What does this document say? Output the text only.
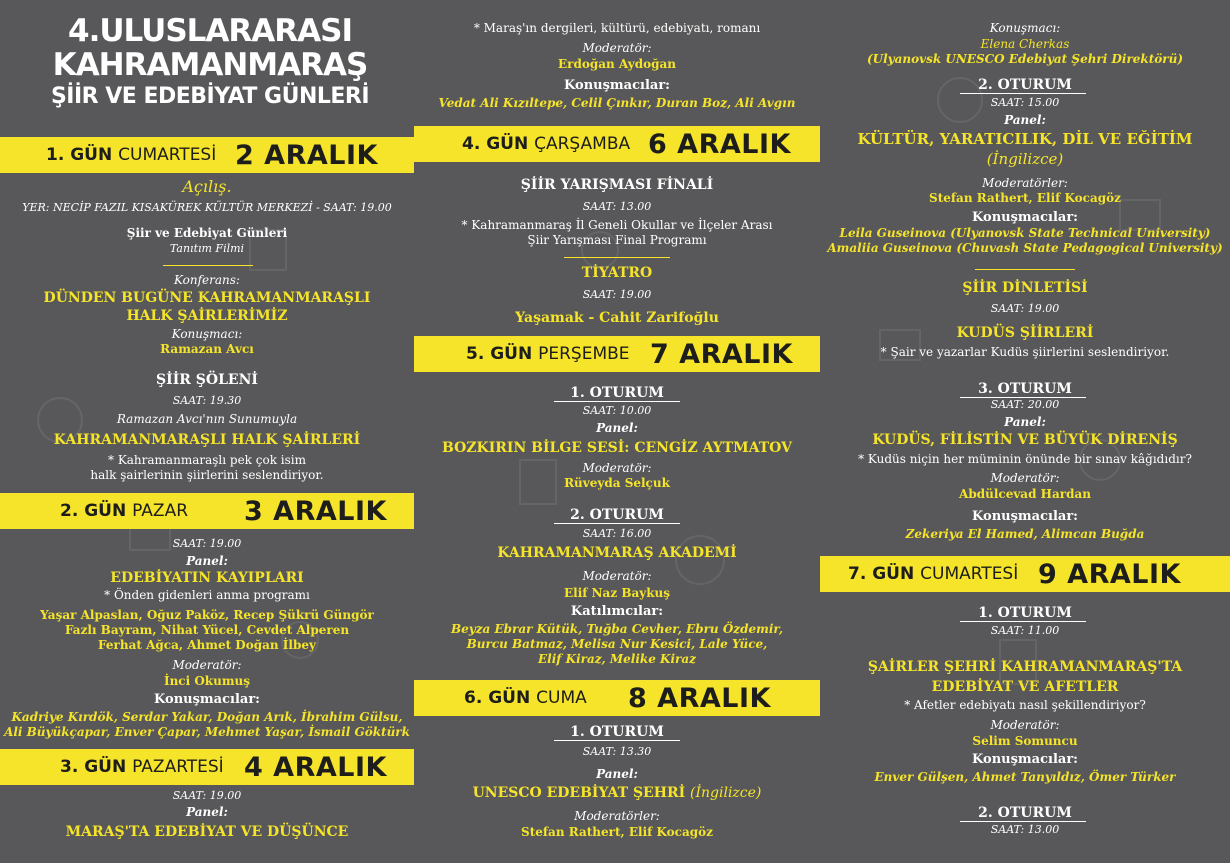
4.ULUSLARARASI
KAHRAMANMARAŞ
ŞİİR VE EDEBİYAT GÜNLERİ
1. GÜN CUMARTESİ 2 ARALIK
Açılış.
YER: NECİP FAZIL KISAKÜREK KÜLTÜR MERKEZİ - SAAT: 19.00
Şiir ve Edebiyat Günleri
Tanıtım Filmi
Konferans:
DÜNDEN BUGÜNE KAHRAMANMARAŞLI
HALK ŞAİRLERİMİZ
Konuşmacı:
Ramazan Avcı
ŞİİR ŞÖLENİ
SAAT: 19.30
Ramazan Avcı'nın Sunumuyla
KAHRAMANMARAŞLI HALK ŞAİRLERİ
* Kahramanmaraşlı pek çok isim
halk şairlerinin şiirlerini seslendiriyor.
2. GÜN PAZAR 3 ARALIK
SAAT: 19.00
Panel:
EDEBİYATIN KAYIPLARI
* Önden gidenleri anma programı
Yaşar Alpaslan, Oğuz Paköz, Recep Şükrü Güngör
Fazlı Bayram, Nihat Yücel, Cevdet Alperen
Ferhat Ağca, Ahmet Doğan İlbey
Moderatör:
İnci Okumuş
Konuşmacılar:
Kadriye Kırdök, Serdar Yakar, Doğan Arık, İbrahim Gülsu,
Ali Büyükçapar, Enver Çapar, Mehmet Yaşar, İsmail Göktürk
3. GÜN PAZARTESİ 4 ARALIK
SAAT: 19.00
Panel:
MARAŞ'TA EDEBİYAT VE DÜŞÜNCE
* Maraş'ın dergileri, kültürü, edebiyatı, romanı
Moderatör:
Erdoğan Aydoğan
Konuşmacılar:
Vedat Ali Kızıltepe, Celil Çınkır, Duran Boz, Ali Avgın
4. GÜN ÇARŞAMBA 6 ARALIK
ŞİİR YARIŞMASI FİNALİ
SAAT: 13.00
* Kahramanmaraş İl Geneli Okullar ve İlçeler Arası
Şiir Yarışması Final Programı
TİYATRO
SAAT: 19.00
Yaşamak - Cahit Zarifoğlu
5. GÜN PERŞEMBE 7 ARALIK
1. OTURUM
SAAT: 10.00
Panel:
BOZKIRIN BİLGE SESİ: CENGİZ AYTMATOV
Moderatör:
Rüveyda Selçuk
2. OTURUM
SAAT: 16.00
KAHRAMANMARAŞ AKADEMİ
Moderatör:
Elif Naz Baykuş
Katılımcılar:
Beyza Ebrar Kütük, Tuğba Cevher, Ebru Özdemir,
Burcu Batmaz, Melisa Nur Kesici, Lale Yüce,
Elif Kiraz, Melike Kiraz
6. GÜN CUMA 8 ARALIK
1. OTURUM
SAAT: 13.30
Panel:
UNESCO EDEBİYAT ŞEHRİ (İngilizce)
Moderatörler:
Stefan Rathert, Elif Kocagöz
Konuşmacı:
Elena Cherkas
(Ulyanovsk UNESCO Edebiyat Şehri Direktörü)
2. OTURUM
SAAT: 15.00
Panel:
KÜLTÜR, YARATICILIK, DİL VE EĞİTİM
(İngilizce)
Moderatörler:
Stefan Rathert, Elif Kocagöz
Konuşmacılar:
Leila Guseinova (Ulyanovsk State Technical University)
Amaliia Guseinova (Chuvash State Pedagogical University)
ŞİİR DİNLETİSİ
SAAT: 19.00
KUDÜS ŞİİRLERİ
* Şair ve yazarlar Kudüs şiirlerini seslendiriyor.
3. OTURUM
SAAT: 20.00
Panel:
KUDÜS, FİLİSTİN VE BÜYÜK DİRENİŞ
* Kudüs niçin her müminin önünde bir sınav kâğıdıdır?
Moderatör:
Abdülcevad Hardan
Konuşmacılar:
Zekeriya El Hamed, Alimcan Buğda
7. GÜN CUMARTESİ 9 ARALIK
1. OTURUM
SAAT: 11.00
ŞAİRLER ŞEHRİ KAHRAMANMARAŞ'TA
EDEBİYAT VE AFETLER
* Afetler edebiyatı nasıl şekillendiriyor?
Moderatör:
Selim Somuncu
Konuşmacılar:
Enver Gülşen, Ahmet Tanyıldız, Ömer Türker
2. OTURUM
SAAT: 13.00
